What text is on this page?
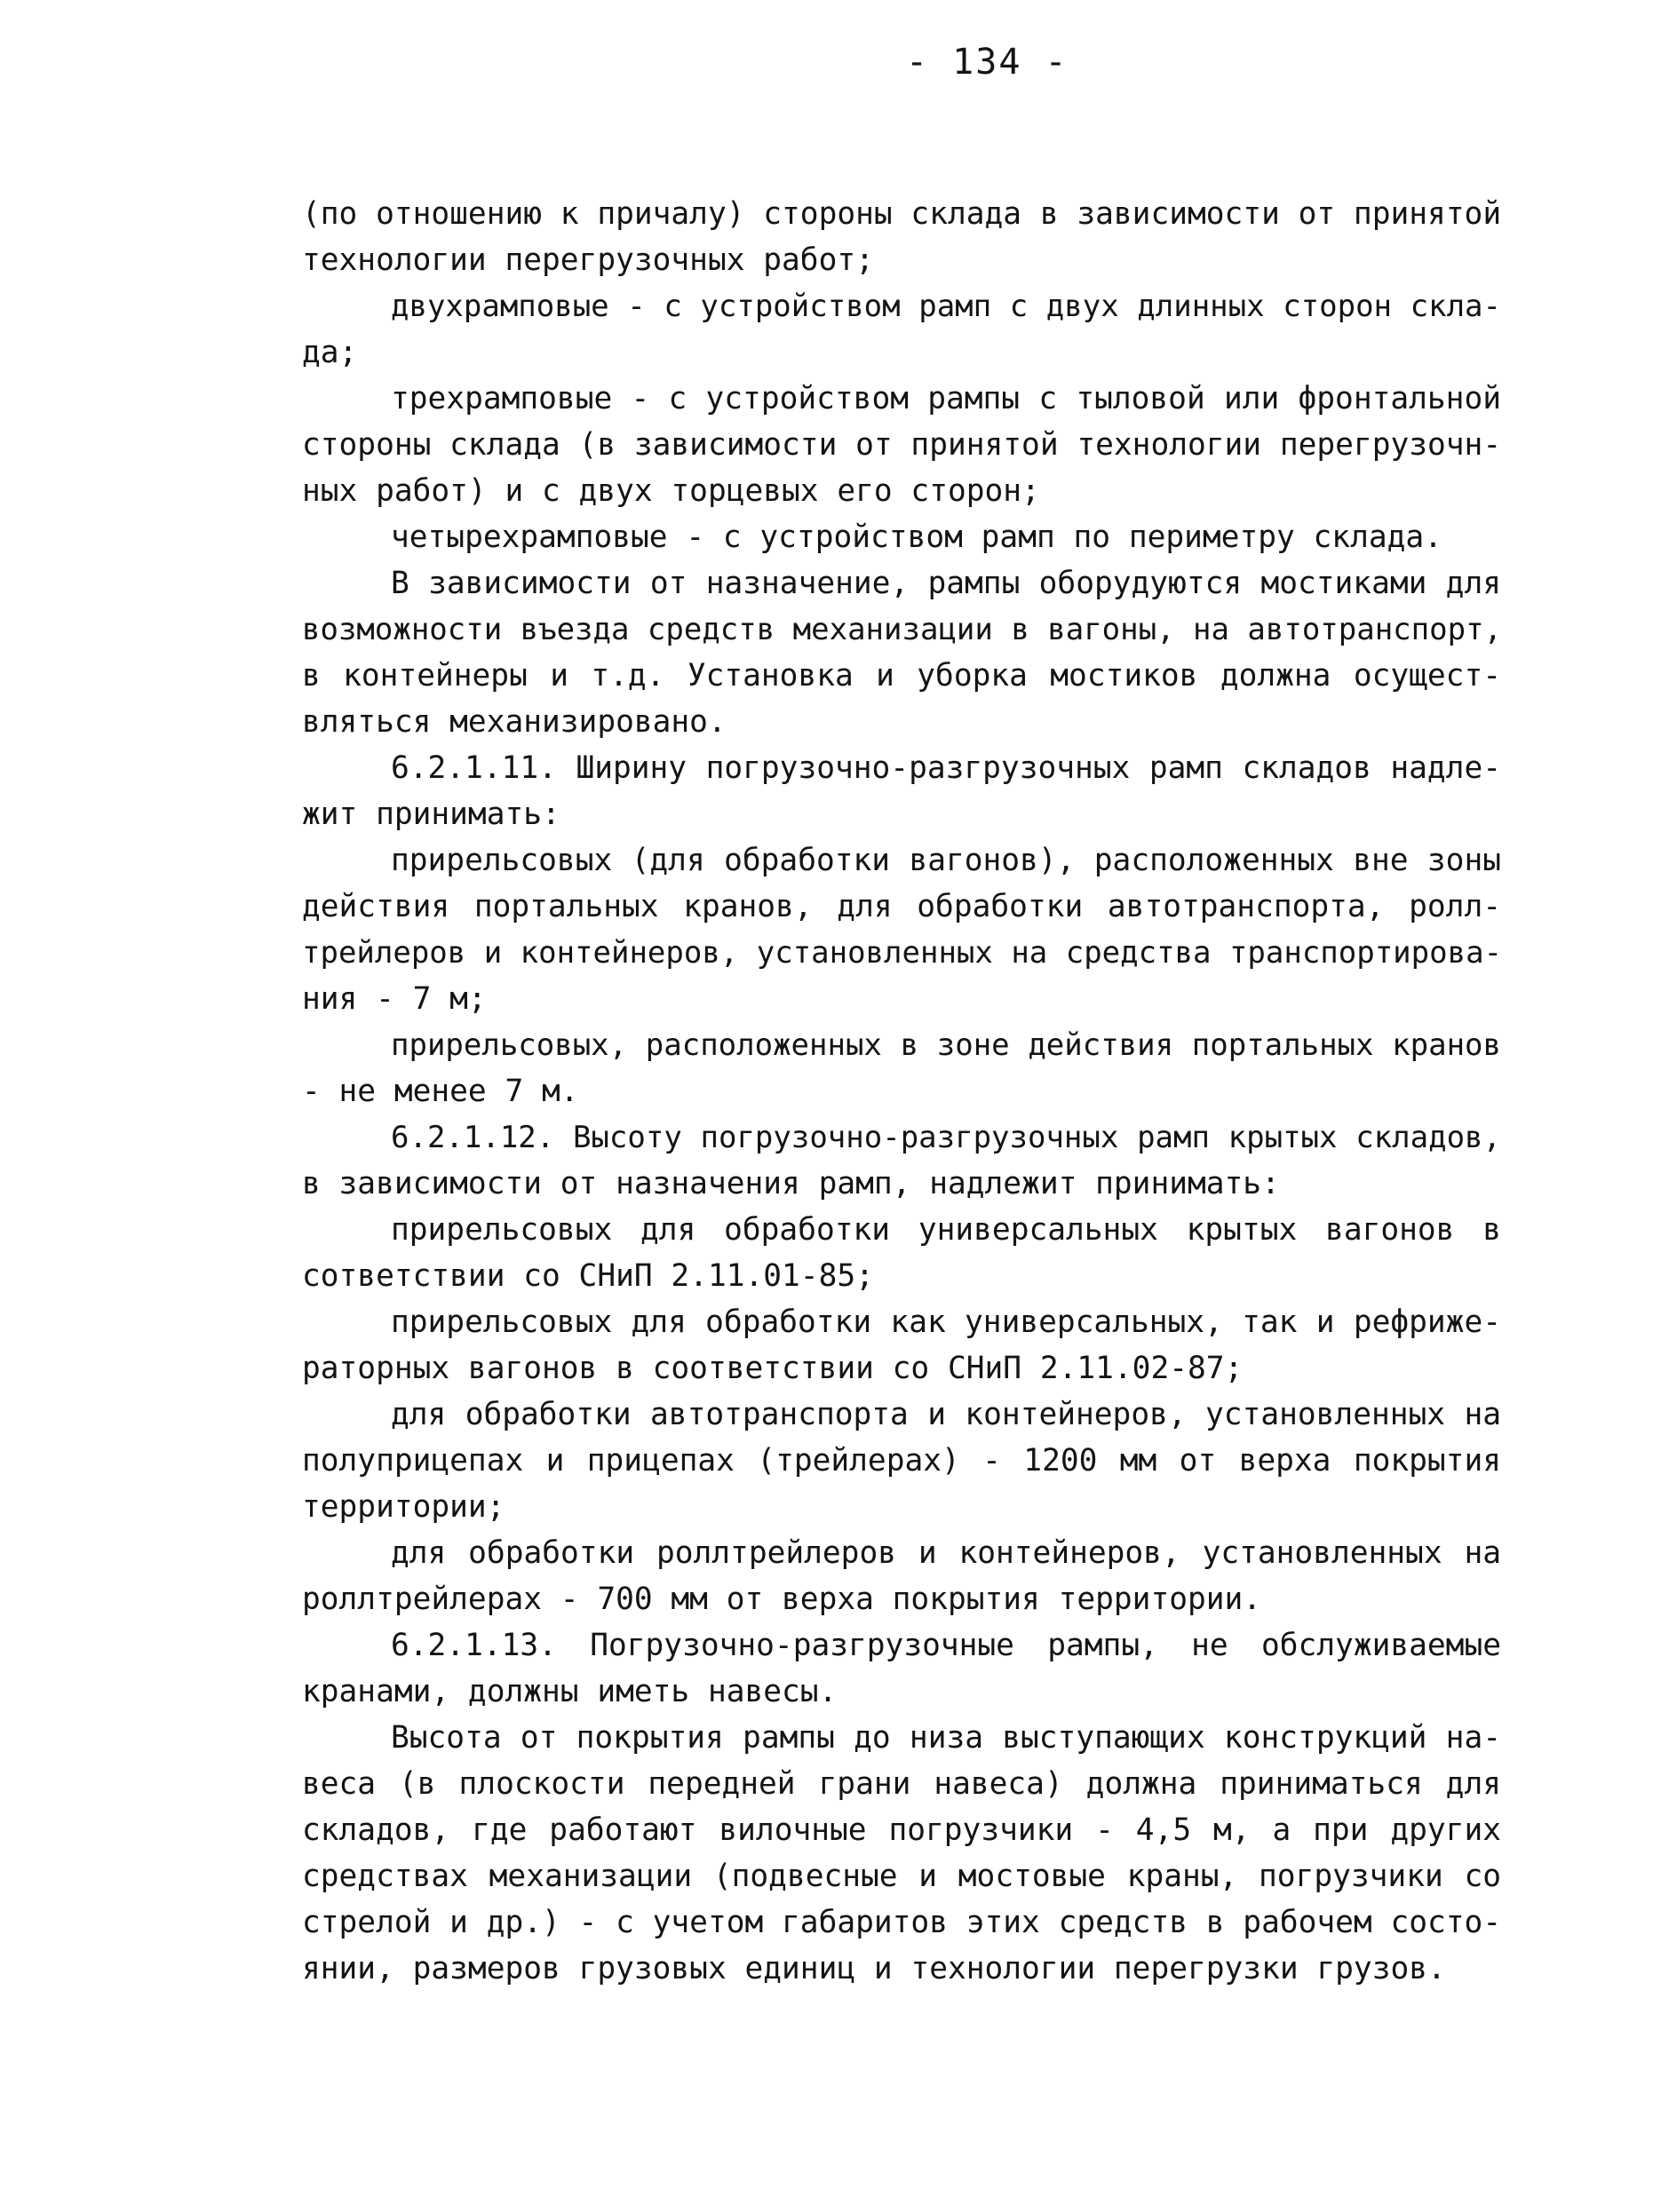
- 134 -
(по отношению к причалу) стороны склада в зависимости от принятой
технологии перегрузочных работ;
двухрамповые - с устройством рамп с двух длинных сторон скла-
да;
трехрамповые - с устройством рампы с тыловой или фронтальной
стороны склада (в зависимости от принятой технологии перегрузочн-
ных работ) и с двух торцевых его сторон;
четырехрамповые - с устройством рамп по периметру склада.
В зависимости от назначение, рампы оборудуются мостиками для
возможности въезда средств механизации в вагоны, на автотранспорт,
в контейнеры и т.д. Установка и уборка мостиков должна осущест-
вляться механизировано.
6.2.1.11. Ширину погрузочно-разгрузочных рамп складов надле-
жит принимать:
прирельсовых (для обработки вагонов), расположенных вне зоны
действия портальных кранов, для обработки автотранспорта, ролл-
трейлеров и контейнеров, установленных на средства транспортирова-
ния - 7 м;
прирельсовых, расположенных в зоне действия портальных кранов
- не менее 7 м.
6.2.1.12. Высоту погрузочно-разгрузочных рамп крытых складов,
в зависимости от назначения рамп, надлежит принимать:
прирельсовых для обработки универсальных крытых вагонов в
сответствии со СНиП 2.11.01-85;
прирельсовых для обработки как универсальных, так и рефриже-
раторных вагонов в соответствии со СНиП 2.11.02-87;
для обработки автотранспорта и контейнеров, установленных на
полуприцепах и прицепах (трейлерах) - 1200 мм от верха покрытия
территории;
для обработки роллтрейлеров и контейнеров, установленных на
роллтрейлерах - 700 мм от верха покрытия территории.
6.2.1.13. Погрузочно-разгрузочные рампы, не обслуживаемые
кранами, должны иметь навесы.
Высота от покрытия рампы до низа выступающих конструкций на-
веса (в плоскости передней грани навеса) должна приниматься для
складов, где работают вилочные погрузчики - 4,5 м, а при других
средствах механизации (подвесные и мостовые краны, погрузчики со
стрелой и др.) - с учетом габаритов этих средств в рабочем состо-
янии, размеров грузовых единиц и технологии перегрузки грузов.
